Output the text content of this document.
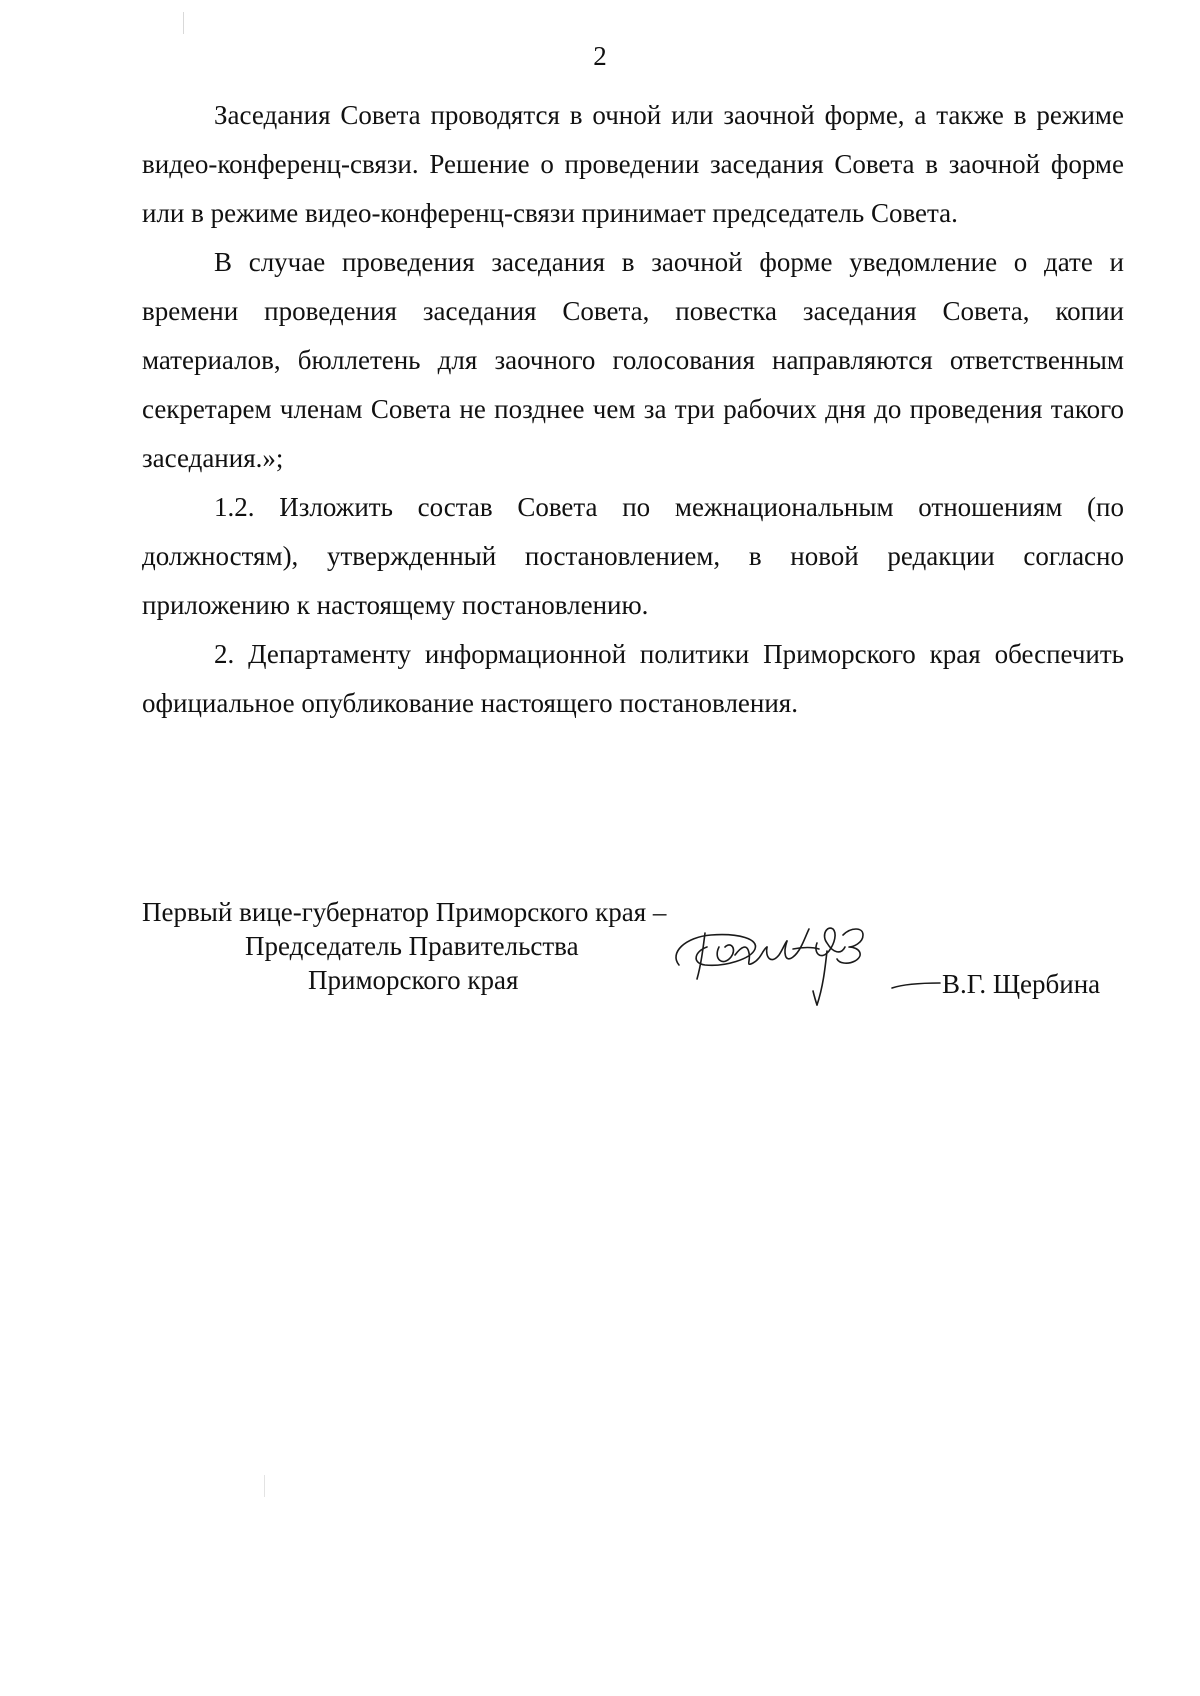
2

Заседания Совета проводятся в очной или заочной форме, а также в режиме видео-конференц-связи. Решение о проведении заседания Совета в заочной форме или в режиме видео-конференц-связи принимает председатель Совета.

В случае проведения заседания в заочной форме уведомление о дате и времени проведения заседания Совета, повестка заседания Совета, копии материалов, бюллетень для заочного голосования направляются ответственным секретарем членам Совета не позднее чем за три рабочих дня до проведения такого заседания.»;

1.2. Изложить состав Совета по межнациональным отношениям (по должностям), утвержденный постановлением, в новой редакции согласно приложению к настоящему постановлению.

2. Департаменту информационной политики Приморского края обеспечить официальное опубликование настоящего постановления.

Первый вице-губернатор Приморского края –
Председатель Правительства
Приморского края	В.Г. Щербина
